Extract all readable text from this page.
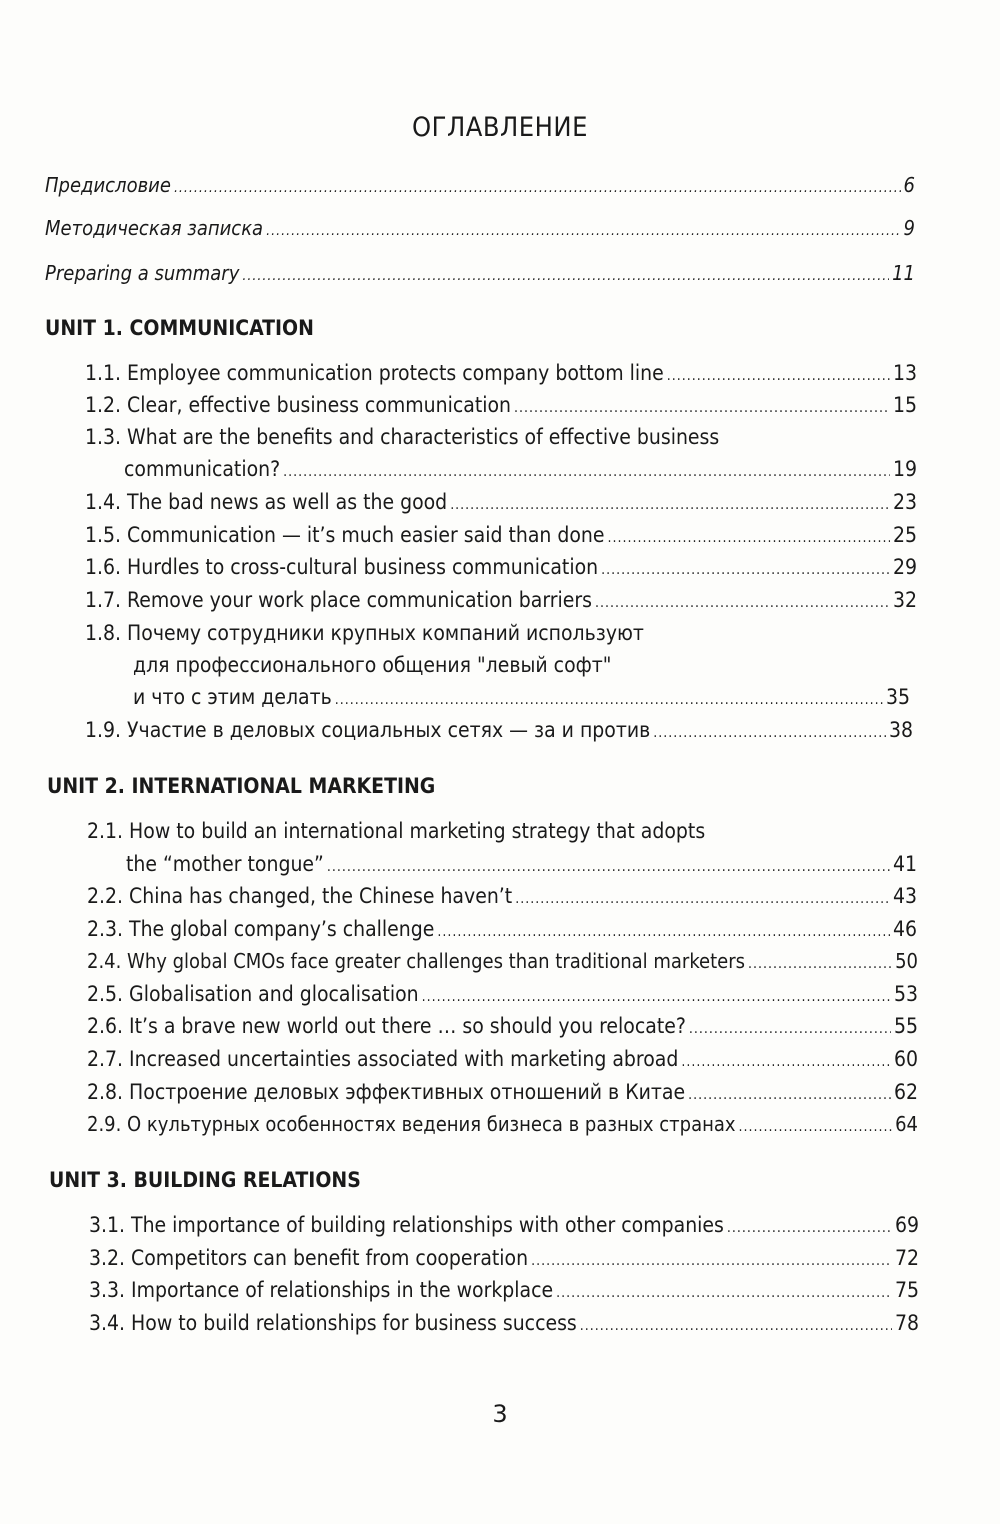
ОГЛАВЛЕНИЕ
Предисловие .....	6
Методическая записка .....	9
Preparing a summary .....	11
UNIT 1. COMMUNICATION
1.1. Employee communication protects company bottom line .....	13
1.2. Clear, effective business communication .....	15
1.3. What are the benefits and characteristics of effective business
communication? .....	19
1.4. The bad news as well as the good .....	23
1.5. Communication — it’s much easier said than done .....	25
1.6. Hurdles to cross-cultural business communication .....	29
1.7. Remove your work place communication barriers .....	32
1.8. Почему сотрудники крупных компаний используют
для профессионального общения "левый софт"
и что с этим делать .....	35
1.9. Участие в деловых социальных сетях — за и против .....	38
UNIT 2. INTERNATIONAL MARKETING
2.1. How to build an international marketing strategy that adopts
the “mother tongue” .....	41
2.2. China has changed, the Chinese haven’t .....	43
2.3. The global company’s challenge .....	46
2.4. Why global CMOs face greater challenges than traditional marketers .....	50
2.5. Globalisation and glocalisation .....	53
2.6. It’s a brave new world out there … so should you relocate? .....	55
2.7. Increased uncertainties associated with marketing abroad .....	60
2.8. Построение деловых эффективных отношений в Китае .....	62
2.9. О культурных особенностях ведения бизнеса в разных странах .....	64
UNIT 3. BUILDING RELATIONS
3.1. The importance of building relationships with other companies .....	69
3.2. Competitors can benefit from cooperation .....	72
3.3. Importance of relationships in the workplace .....	75
3.4. How to build relationships for business success .....	78
3
